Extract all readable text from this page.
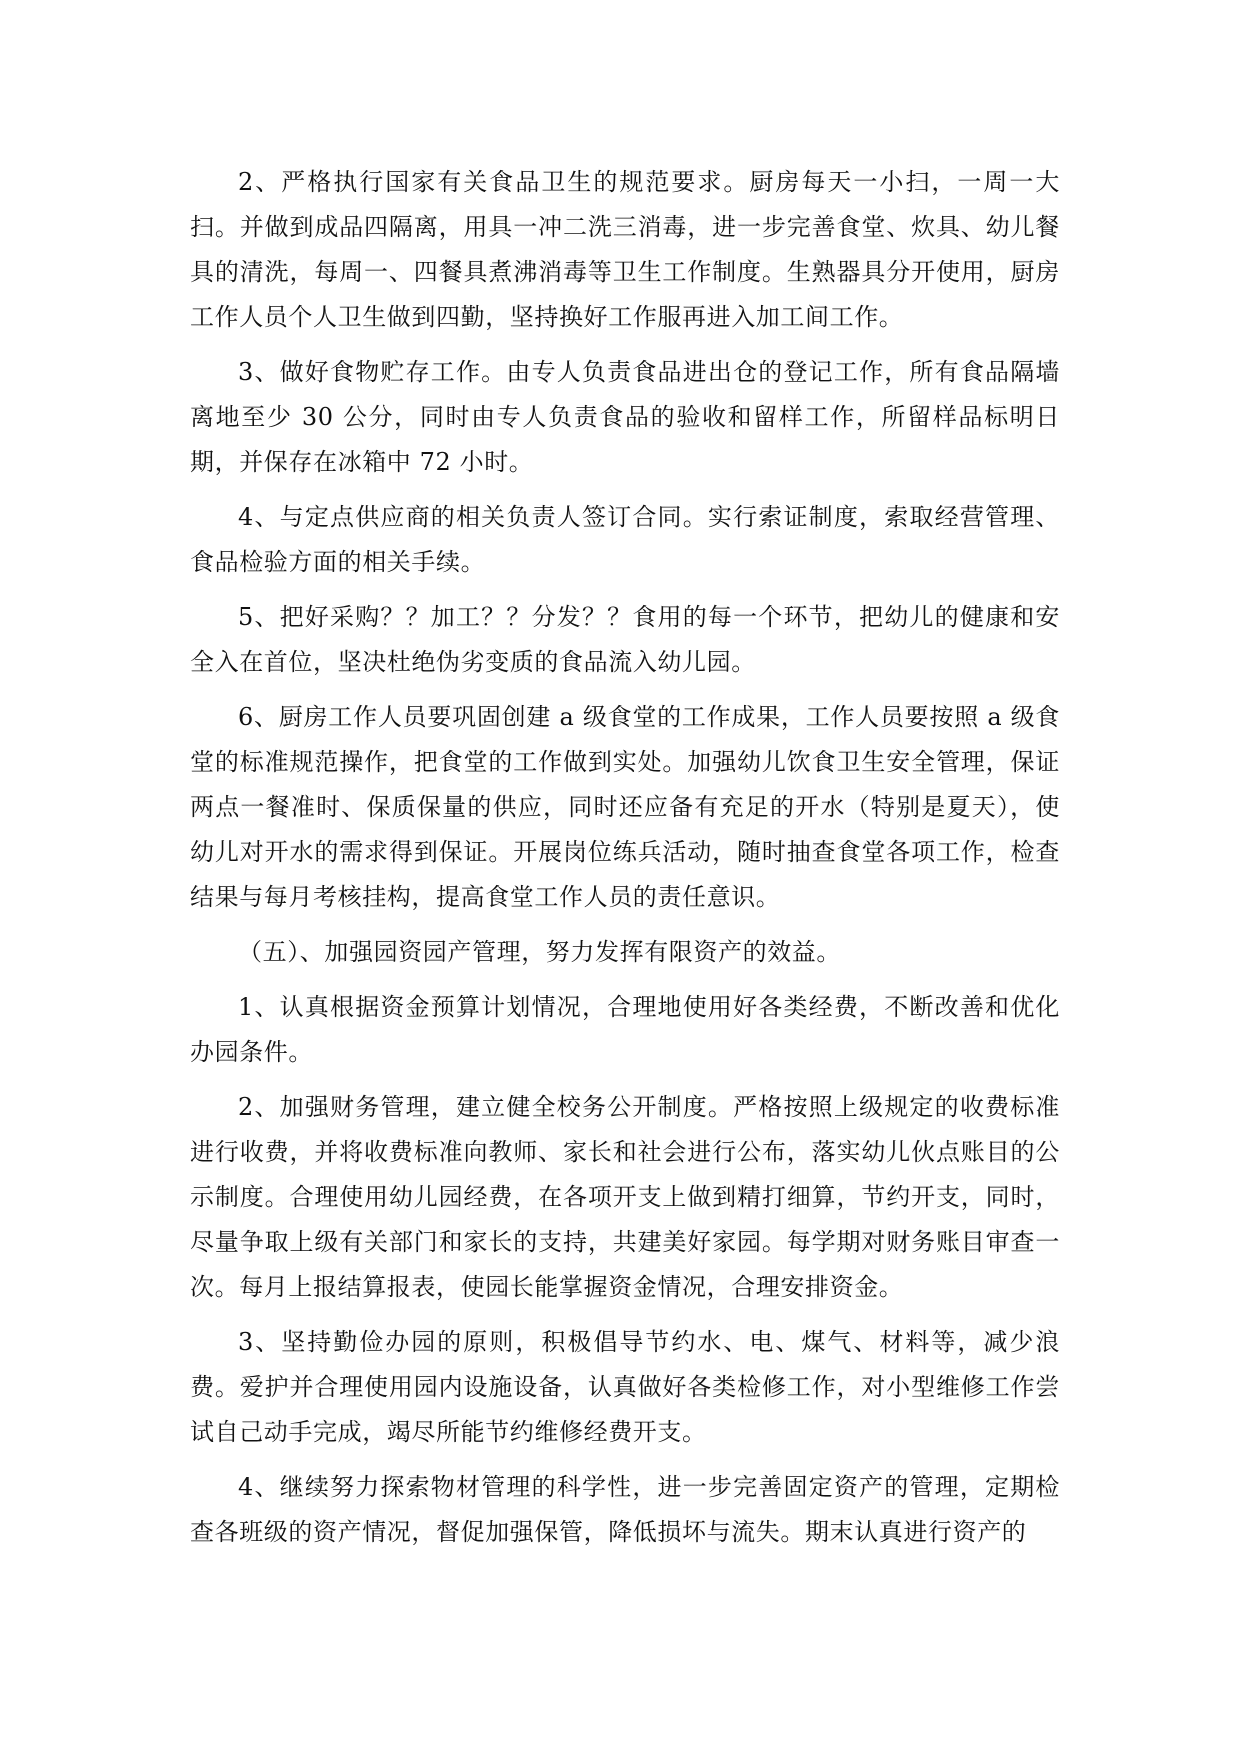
2、严格执行国家有关食品卫生的规范要求。厨房每天一小扫，一周一大扫。并做到成品四隔离，用具一冲二洗三消毒，进一步完善食堂、炊具、幼儿餐具的清洗，每周一、四餐具煮沸消毒等卫生工作制度。生熟器具分开使用，厨房工作人员个人卫生做到四勤，坚持换好工作服再进入加工间工作。

3、做好食物贮存工作。由专人负责食品进出仓的登记工作，所有食品隔墙离地至少 30 公分，同时由专人负责食品的验收和留样工作，所留样品标明日期，并保存在冰箱中 72 小时。

4、与定点供应商的相关负责人签订合同。实行索证制度，索取经营管理、食品检验方面的相关手续。

5、把好采购？？加工？？分发？？食用的每一个环节，把幼儿的健康和安全入在首位，坚决杜绝伪劣变质的食品流入幼儿园。

6、厨房工作人员要巩固创建 a 级食堂的工作成果，工作人员要按照 a 级食堂的标准规范操作，把食堂的工作做到实处。加强幼儿饮食卫生安全管理，保证两点一餐准时、保质保量的供应，同时还应备有充足的开水（特别是夏天），使幼儿对开水的需求得到保证。开展岗位练兵活动，随时抽查食堂各项工作，检查结果与每月考核挂构，提高食堂工作人员的责任意识。

（五）、加强园资园产管理，努力发挥有限资产的效益。

1、认真根据资金预算计划情况，合理地使用好各类经费，不断改善和优化办园条件。

2、加强财务管理，建立健全校务公开制度。严格按照上级规定的收费标准进行收费，并将收费标准向教师、家长和社会进行公布，落实幼儿伙点账目的公示制度。合理使用幼儿园经费，在各项开支上做到精打细算，节约开支，同时，尽量争取上级有关部门和家长的支持，共建美好家园。每学期对财务账目审查一次。每月上报结算报表，使园长能掌握资金情况，合理安排资金。

3、坚持勤俭办园的原则，积极倡导节约水、电、煤气、材料等，减少浪费。爱护并合理使用园内设施设备，认真做好各类检修工作，对小型维修工作尝试自己动手完成，竭尽所能节约维修经费开支。

4、继续努力探索物材管理的科学性，进一步完善固定资产的管理，定期检查各班级的资产情况，督促加强保管，降低损坏与流失。期末认真进行资产的
